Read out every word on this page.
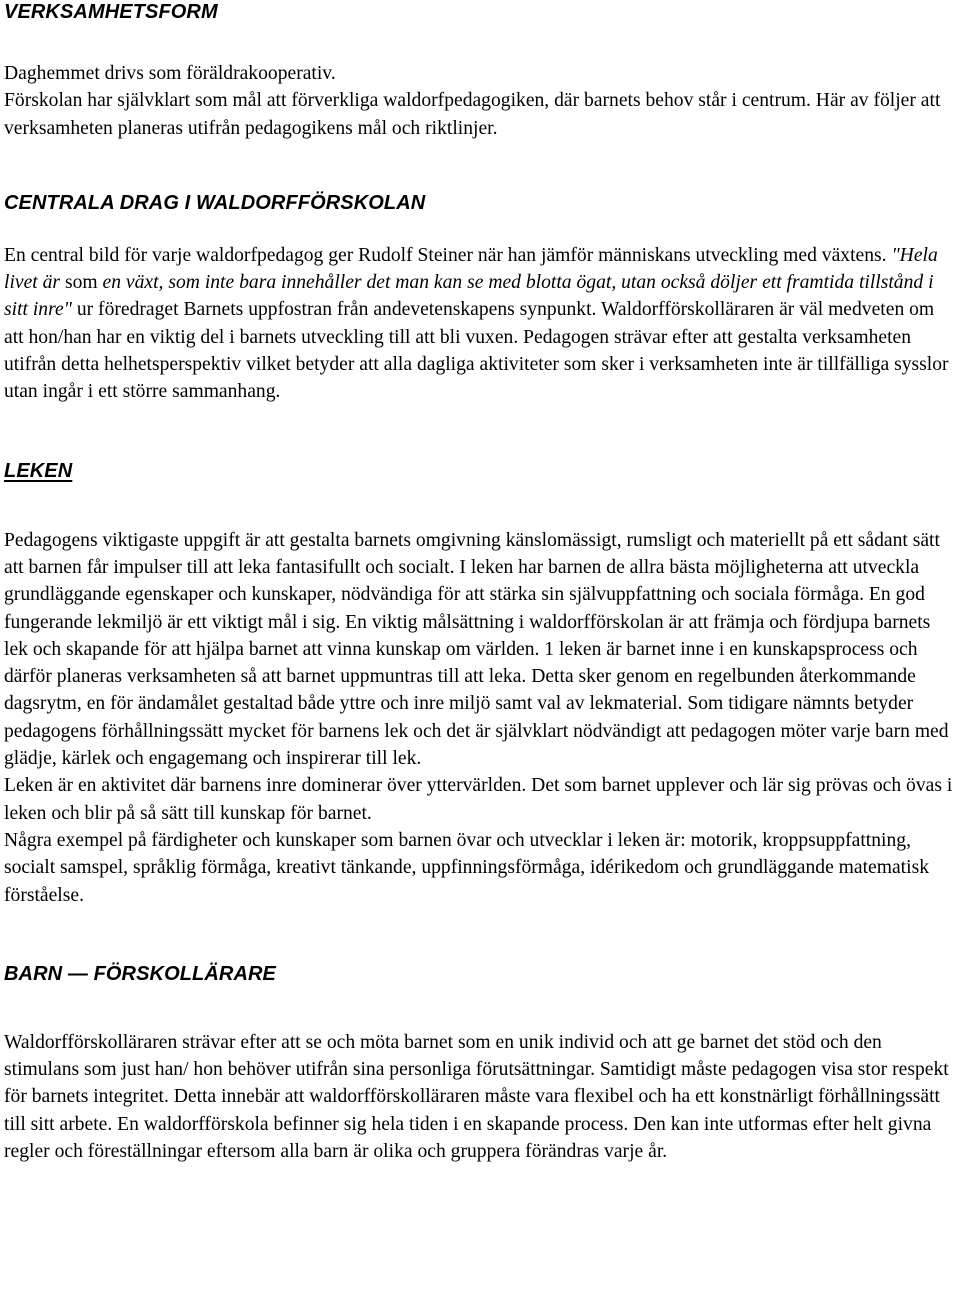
VERKSAMHETSFORM

Daghemmet drivs som föräldrakooperativ.

Förskolan har självklart som mål att förverkliga waldorfpedagogiken, där barnets behov står i centrum. Här av följer att verksamheten planeras utifrån pedagogikens mål och riktlinjer.

CENTRALA DRAG I WALDORFFÖRSKOLAN

En central bild för varje waldorfpedagog ger Rudolf Steiner när han jämför människans utveckling med växtens. "Hela livet är som en växt, som inte bara innehåller det man kan se med blotta ögat, utan också döljer ett framtida tillstånd i sitt inre" ur föredraget Barnets uppfostran från andevetenskapens synpunkt. Waldorfförskolläraren är väl medveten om att hon/han har en viktig del i barnets utveckling till att bli vuxen. Pedagogen strävar efter att gestalta verksamheten utifrån detta helhetsperspektiv vilket betyder att alla dagliga aktiviteter som sker i verksamheten inte är tillfälliga sysslor utan ingår i ett större sammanhang.

LEKEN

Pedagogens viktigaste uppgift är att gestalta barnets omgivning känslomässigt, rumsligt och materiellt på ett sådant sätt att barnen får impulser till att leka fantasifullt och socialt. I leken har barnen de allra bästa möjligheterna att utveckla grundläggande egenskaper och kunskaper, nödvändiga för att stärka sin självuppfattning och sociala förmåga. En god fungerande lekmiljö är ett viktigt mål i sig. En viktig målsättning i waldorfförskolan är att främja och fördjupa barnets lek och skapande för att hjälpa barnet att vinna kunskap om världen. 1 leken är barnet inne i en kunskapsprocess och därför planeras verksamheten så att barnet uppmuntras till att leka. Detta sker genom en regelbunden återkommande dagsrytm, en för ändamålet gestaltad både yttre och inre miljö samt val av lekmaterial. Som tidigare nämnts betyder pedagogens förhållningssätt mycket för barnens lek och det är självklart nödvändigt att pedagogen möter varje barn med glädje, kärlek och engagemang och inspirerar till lek.

Leken är en aktivitet där barnens inre dominerar över yttervärlden. Det som barnet upplever och lär sig prövas och övas i leken och blir på så sätt till kunskap för barnet.

Några exempel på färdigheter och kunskaper som barnen övar och utvecklar i leken är: motorik, kroppsuppfattning, socialt samspel, språklig förmåga, kreativt tänkande, uppfinningsförmåga, idérikedom och grundläggande matematisk förståelse.

BARN — FÖRSKOLLÄRARE

Waldorfförskolläraren strävar efter att se och möta barnet som en unik individ och att ge barnet det stöd och den stimulans som just han/ hon behöver utifrån sina personliga förutsättningar. Samtidigt måste pedagogen visa stor respekt för barnets integritet. Detta innebär att waldorfförskolläraren måste vara flexibel och ha ett konstnärligt förhållningssätt till sitt arbete. En waldorfförskola befinner sig hela tiden i en skapande process. Den kan inte utformas efter helt givna regler och föreställningar eftersom alla barn är olika och gruppera förändras varje år.
